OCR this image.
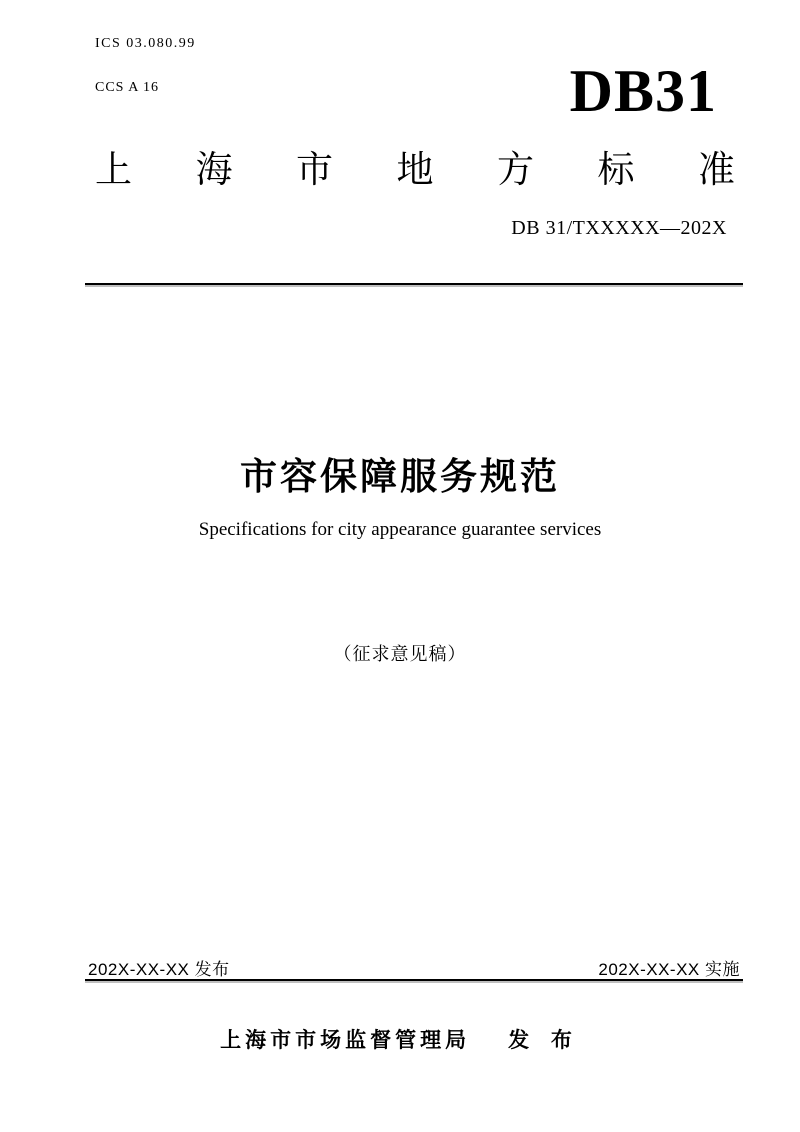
ICS 03.080.99
CCS A 16	DB31
上 海 市 地 方 标 准
DB 31/TXXXXX—202X
市容保障服务规范
Specifications for city appearance guarantee services
（征求意见稿）
202X-XX-XX 发布	202X-XX-XX 实施
上海市市场监督管理局 发 布
